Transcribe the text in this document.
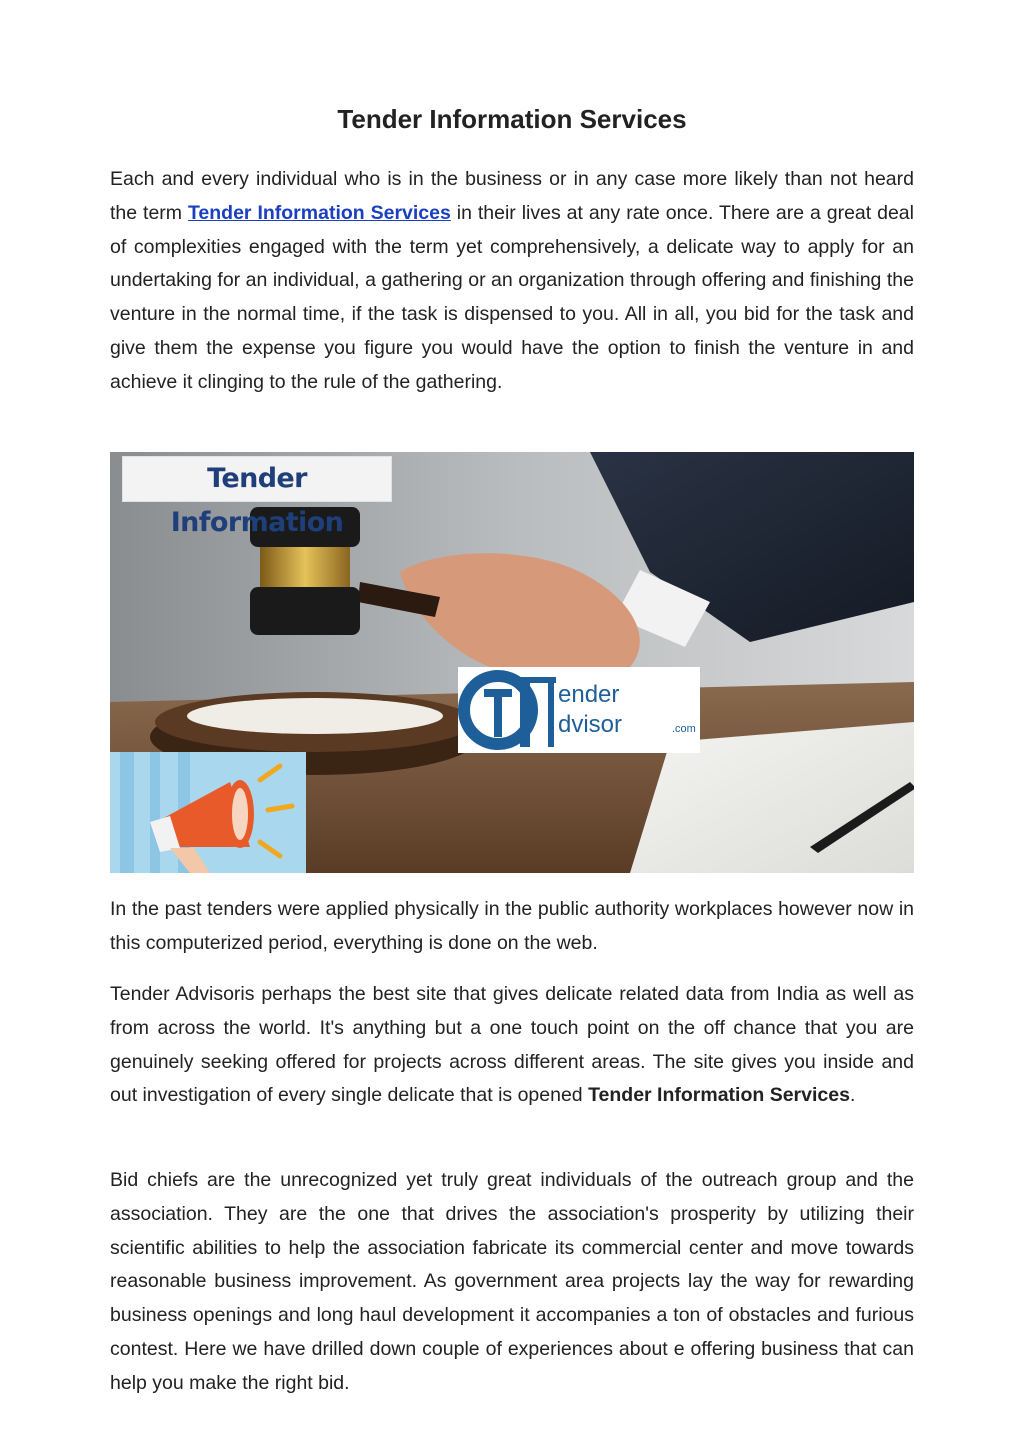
Tender Information Services

Each and every individual who is in the business or in any case more likely than not heard the term Tender Information Services in their lives at any rate once. There are a great deal of complexities engaged with the term yet comprehensively, a delicate way to apply for an undertaking for an individual, a gathering or an organization through offering and finishing the venture in the normal time, if the task is dispensed to you. All in all, you bid for the task and give them the expense you figure you would have the option to finish the venture in and achieve it clinging to the rule of the gathering.

Tender Information
ender
dvisor	.com

In the past tenders were applied physically in the public authority workplaces however now in this computerized period, everything is done on the web.

Tender Advisoris perhaps the best site that gives delicate related data from India as well as from across the world. It's anything but a one touch point on the off chance that you are genuinely seeking offered for projects across different areas. The site gives you inside and out investigation of every single delicate that is opened Tender Information Services.

Bid chiefs are the unrecognized yet truly great individuals of the outreach group and the association. They are the one that drives the association's prosperity by utilizing their scientific abilities to help the association fabricate its commercial center and move towards reasonable business improvement. As government area projects lay the way for rewarding business openings and long haul development it accompanies a ton of obstacles and furious contest. Here we have drilled down couple of experiences about e offering business that can help you make the right bid.
